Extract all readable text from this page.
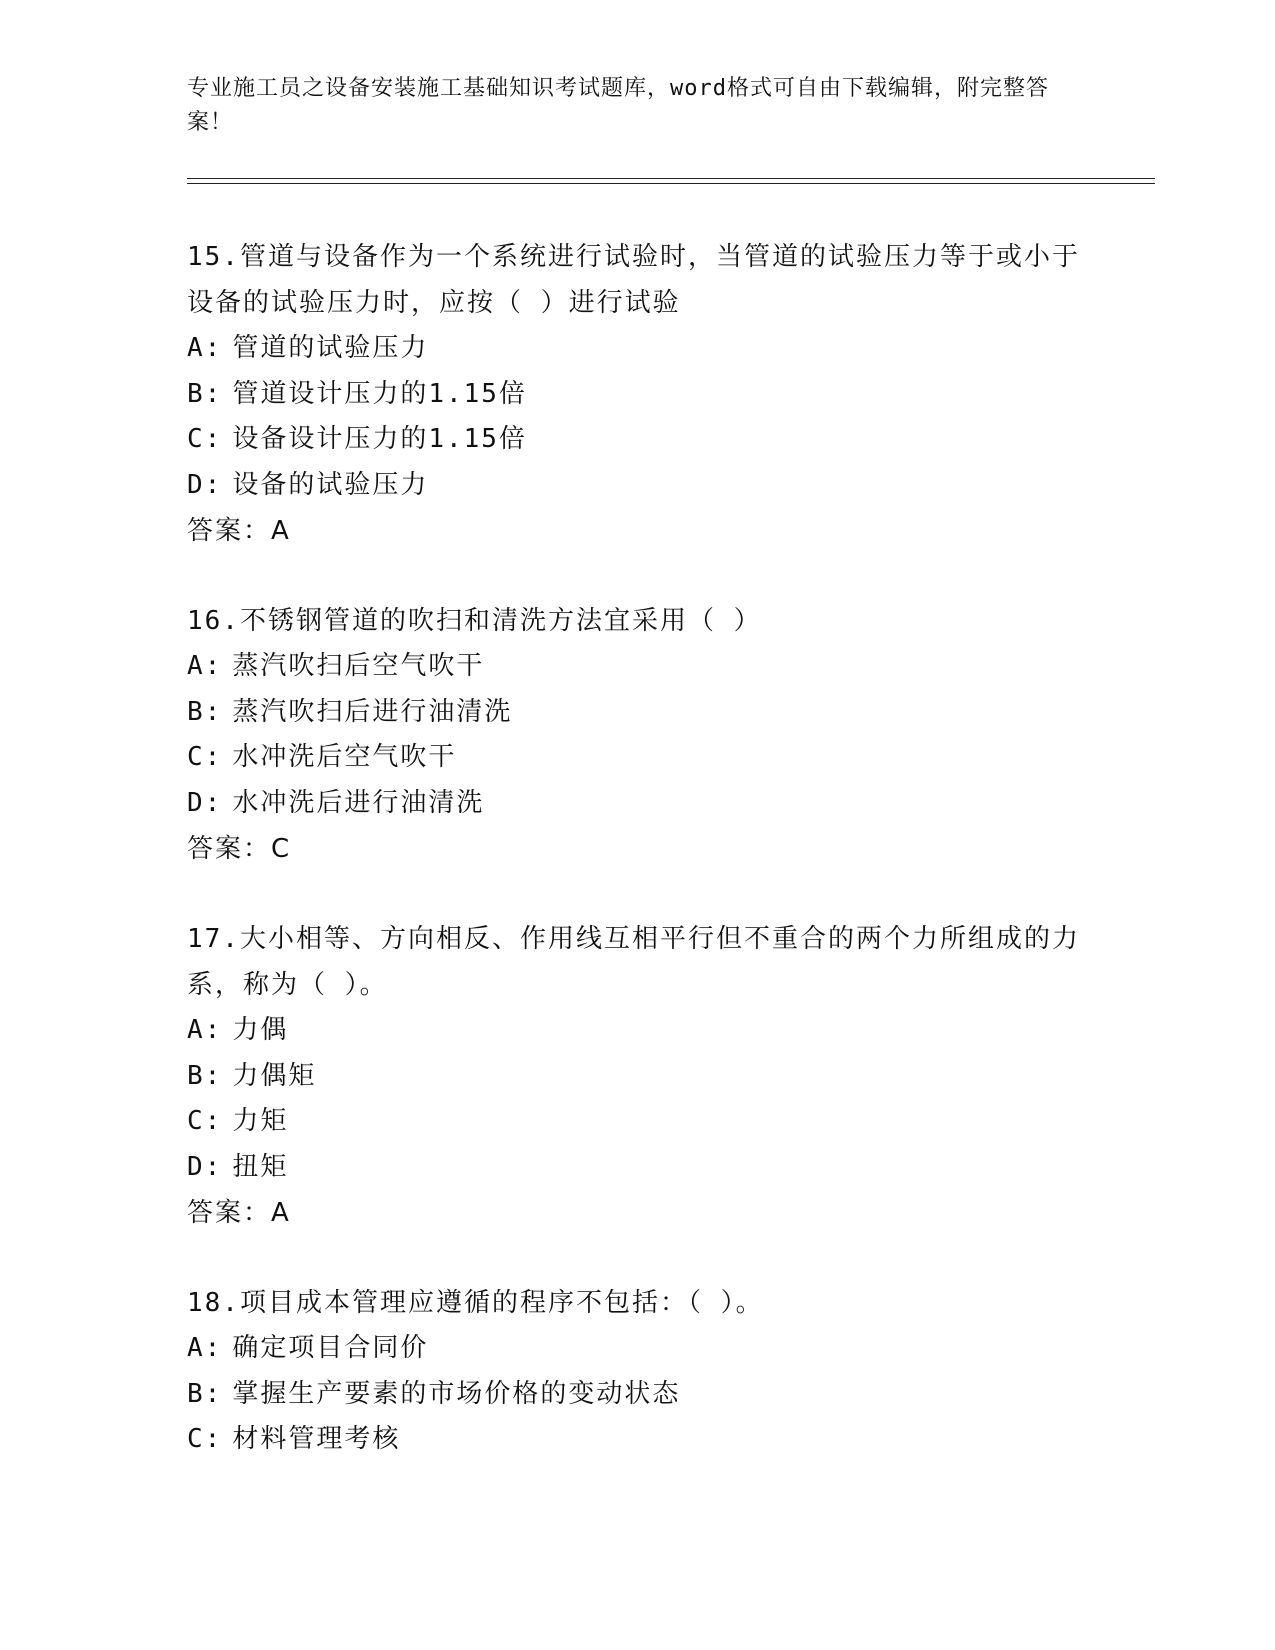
专业施工员之设备安装施工基础知识考试题库，word格式可自由下载编辑，附完整答案！
15.管道与设备作为一个系统进行试验时，当管道的试验压力等于或小于设备的试验压力时，应按（ ）进行试验
A: 管道的试验压力
B: 管道设计压力的1.15倍
C: 设备设计压力的1.15倍
D: 设备的试验压力
答案：A
16.不锈钢管道的吹扫和清洗方法宜采用（ ）
A: 蒸汽吹扫后空气吹干
B: 蒸汽吹扫后进行油清洗
C: 水冲洗后空气吹干
D: 水冲洗后进行油清洗
答案：C
17.大小相等、方向相反、作用线互相平行但不重合的两个力所组成的力系，称为（ ）。
A: 力偶
B: 力偶矩
C: 力矩
D: 扭矩
答案：A
18.项目成本管理应遵循的程序不包括：（ ）。
A: 确定项目合同价
B: 掌握生产要素的市场价格的变动状态
C: 材料管理考核
